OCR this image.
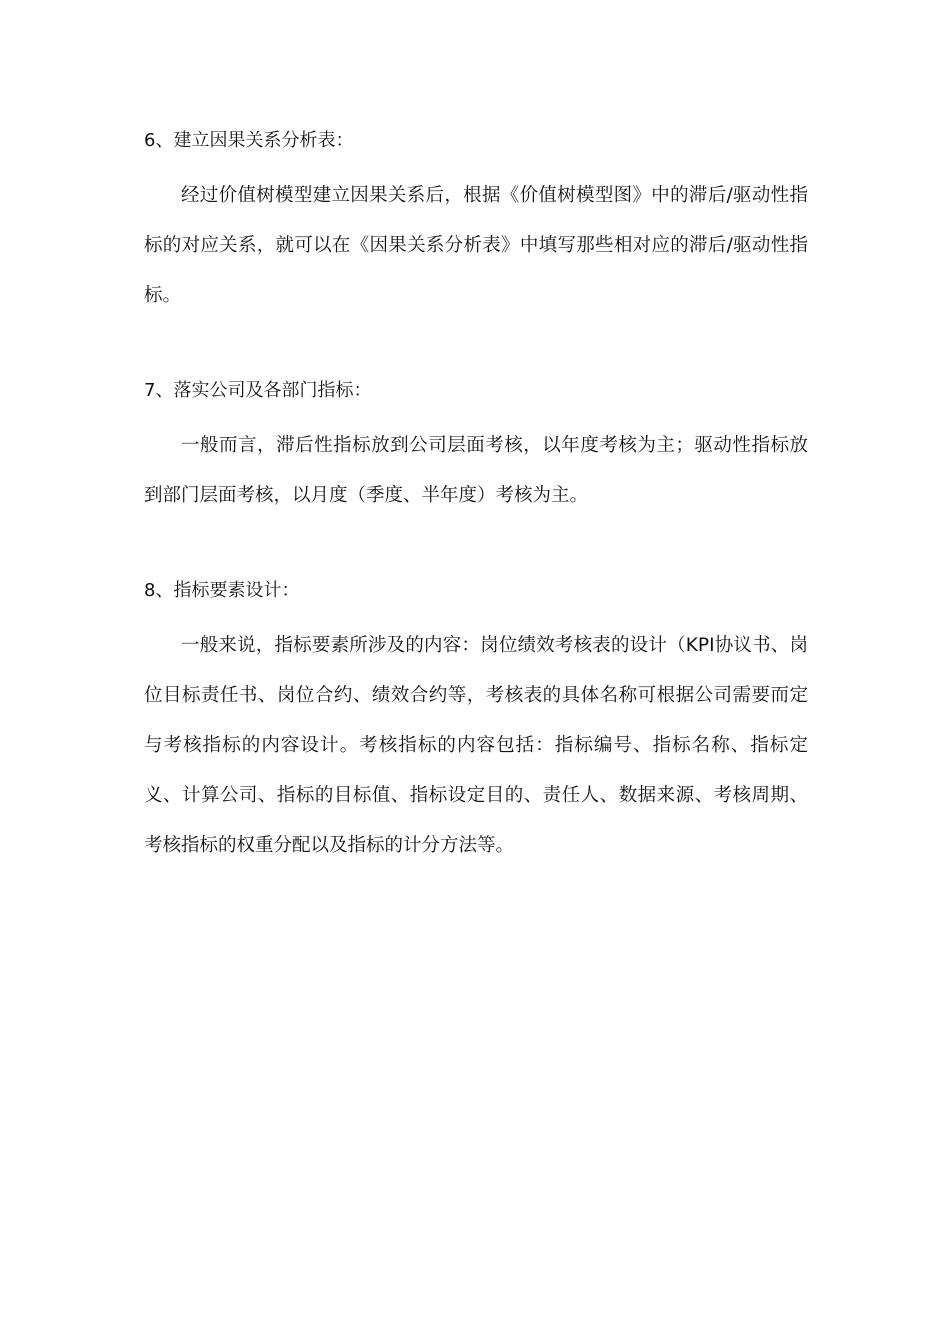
6、建立因果关系分析表：

经过价值树模型建立因果关系后，根据《价值树模型图》中的滞后/驱动性指标的对应关系，就可以在《因果关系分析表》中填写那些相对应的滞后/驱动性指标。

7、落实公司及各部门指标：

一般而言，滞后性指标放到公司层面考核，以年度考核为主；驱动性指标放到部门层面考核，以月度（季度、半年度）考核为主。

8、指标要素设计：

一般来说，指标要素所涉及的内容：岗位绩效考核表的设计（KPI协议书、岗位目标责任书、岗位合约、绩效合约等，考核表的具体名称可根据公司需要而定与考核指标的内容设计。考核指标的内容包括：指标编号、指标名称、指标定义、计算公司、指标的目标值、指标设定目的、责任人、数据来源、考核周期、考核指标的权重分配以及指标的计分方法等。
